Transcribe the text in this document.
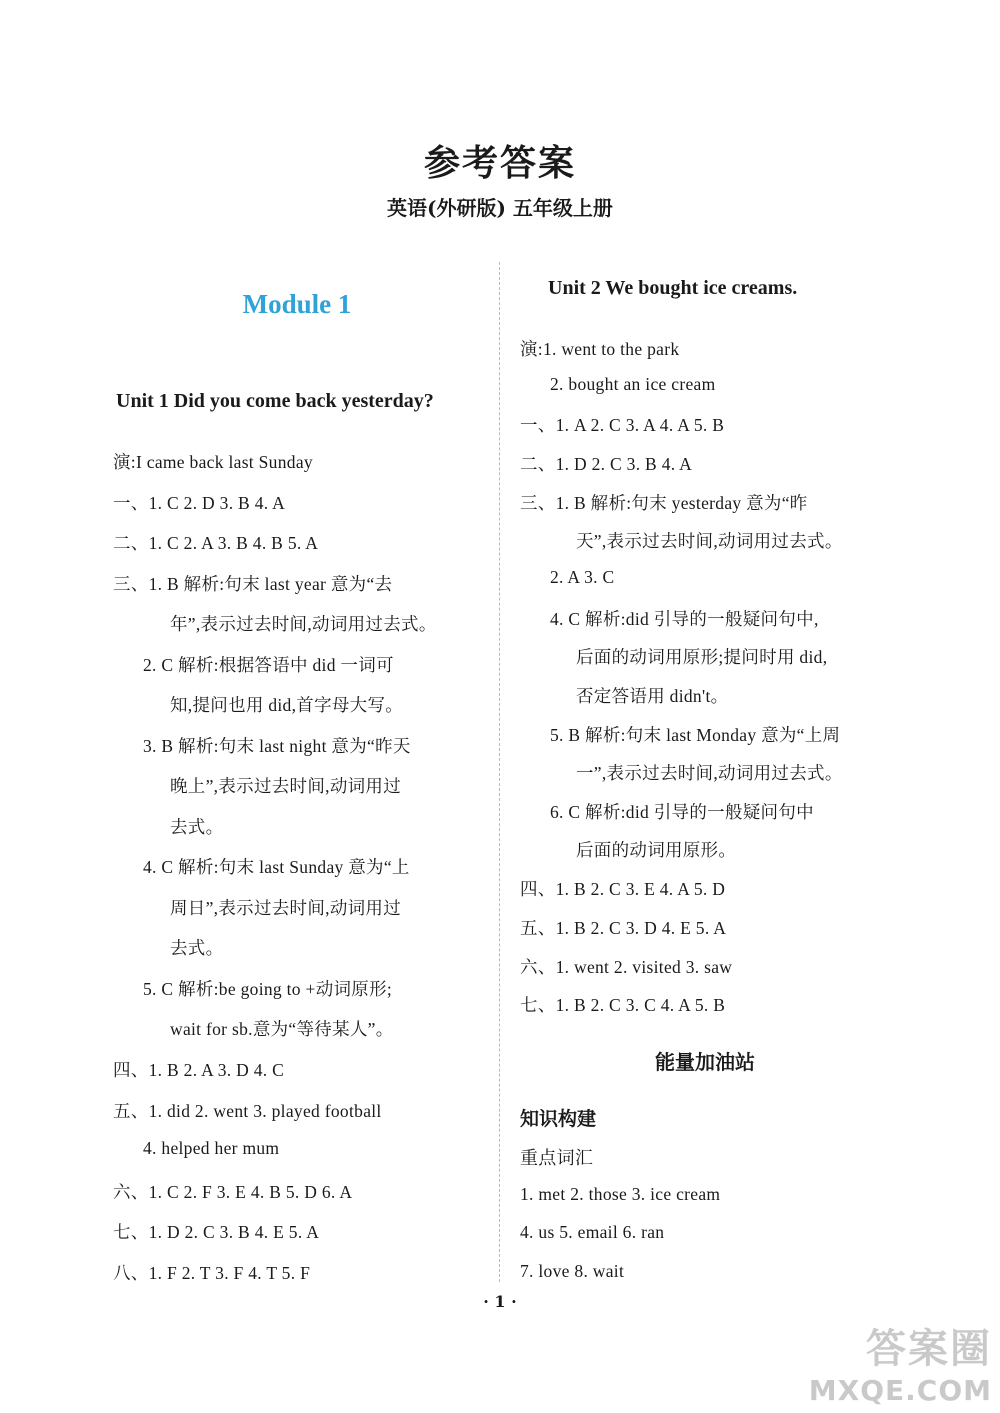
参考答案
英语(外研版) 五年级上册
Module 1
Unit 1 Did you come back yesterday?
演:I came back last Sunday
一、1. C 2. D 3. B 4. A
二、1. C 2. A 3. B 4. B 5. A
三、1. B 解析:句末 last year 意为“去
年”,表示过去时间,动词用过去式。
2. C 解析:根据答语中 did 一词可
知,提问也用 did,首字母大写。
3. B 解析:句末 last night 意为“昨天
晚上”,表示过去时间,动词用过
去式。
4. C 解析:句末 last Sunday 意为“上
周日”,表示过去时间,动词用过
去式。
5. C 解析:be going to +动词原形;
wait for sb.意为“等待某人”。
四、1. B 2. A 3. D 4. C
五、1. did 2. went 3. played football
4. helped her mum
六、1. C 2. F 3. E 4. B 5. D 6. A
七、1. D 2. C 3. B 4. E 5. A
八、1. F 2. T 3. F 4. T 5. F
Unit 2 We bought ice creams.
演:1. went to the park
2. bought an ice cream
一、1. A 2. C 3. A 4. A 5. B
二、1. D 2. C 3. B 4. A
三、1. B 解析:句末 yesterday 意为“昨
天”,表示过去时间,动词用过去式。
2. A 3. C
4. C 解析:did 引导的一般疑问句中,
后面的动词用原形;提问时用 did,
否定答语用 didn't。
5. B 解析:句末 last Monday 意为“上周
一”,表示过去时间,动词用过去式。
6. C 解析:did 引导的一般疑问句中
后面的动词用原形。
四、1. B 2. C 3. E 4. A 5. D
五、1. B 2. C 3. D 4. E 5. A
六、1. went 2. visited 3. saw
七、1. B 2. C 3. C 4. A 5. B
能量加油站
知识构建
重点词汇
1. met 2. those 3. ice cream
4. us 5. email 6. ran
7. love 8. wait
· 1 ·
答案圈
MXQE.COM
